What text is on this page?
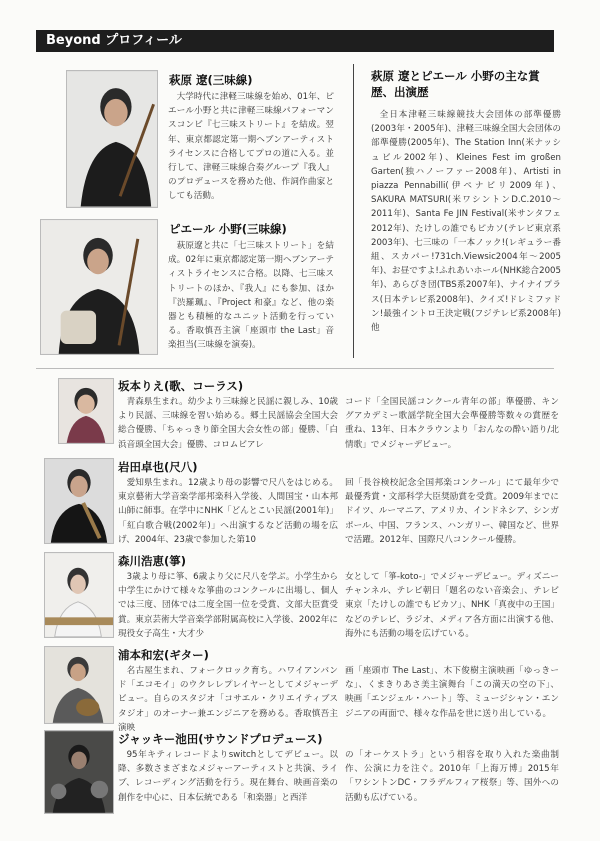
Beyond プロフィール
萩原 遼(三味線)

大学時代に津軽三味線を始め、01年、ピエール小野と共に津軽三味線パフォーマンスコンビ『七三味ストリート』を結成。翌年、東京都認定第一期ヘブンアーティストライセンスに合格してプロの道に入る。並行して、津軽三味線合奏グループ『我人』のプロデュースを務めた他、作詞作曲家としても活動。

ピエール 小野(三味線)

萩原遼と共に「七三味ストリート」を結成。02年に東京都認定第一期ヘブンアーティストライセンスに合格。以降、七三味ストリートのほか、『我人』にも参加、ほか『渋羅珮』、『Project 和豪』など、他の楽器とも積極的なユニット活動を行っている。香取慎吾主演「座頭市 the Last」音楽担当(三味線を演奏)。

萩原 遼とピエール 小野の主な賞歴、出演歴

全日本津軽三味線競技大会団体の部準優勝(2003年・2005年)、津軽三味線全国大会団体の部準優勝(2005年)、The Station Inn(米ナッシュビル2002年)、Kleines Fest im großen Garten(独ハノーファー2008年)、Artisti in piazza Pennabilli(伊ペナビリ2009年)、SAKURA MATSURI(米ワシントンD.C.2010～2011年)、Santa Fe JIN Festival(米サンタフェ2012年)、たけしの誰でもピカソ(テレビ東京系2003年)、七三味の「一本ノック!(レギュラー番組、スカパー!731ch.Viewsic2004年～2005年)、お昼ですよ!ふれあいホール(NHK総合2005年)、あらびき団(TBS系2007年)、ナイナイプラス(日本テレビ系2008年)、クイズ!ドレミファドン!最強イントロ王決定戦(フジテレビ系2008年)他

坂本りえ(歌、コーラス)

青森県生まれ。幼少より三味線と民謡に親しみ、10歳より民謡、三味線を習い始める。郷土民謡協会全国大会総合優勝、「ちゃっきり節全国大会女性の部」優勝、「白浜音頭全国大会」優勝、コロムビアレ

コード「全国民謡コンクール青年の部」準優勝、キングアカデミー歌謡学院全国大会準優勝等数々の賞歴を重ね、13年、日本クラウンより「おんなの酔い語り/北情歌」でメジャーデビュー。

岩田卓也(尺八)

愛知県生まれ。12歳より母の影響で尺八をはじめる。東京藝術大学音楽学部邦楽科入学後、人間国宝・山本邦山師に師事。在学中にNHK「どんとこい民謡(2001年)」「紅白歌合戦(2002年)」へ出演するなど活動の場を広げ、2004年、23歳で参加した第10

回「長谷検校記念全国邦楽コンクール」にて最年少で最優秀賞・文部科学大臣奨励賞を受賞。2009年までにドイツ、ルーマニア、アメリカ、インドネシア、シンガポール、中国、フランス、ハンガリー、韓国など、世界で活躍。2012年、国際尺八コンクール優勝。

森川浩恵(箏)

3歳より母に箏、6歳より父に尺八を学ぶ。小学生から中学生にかけて様々な箏曲のコンクールに出場し、個人では三度、団体では二度全国一位を受賞、文部大臣賞受賞。東京芸術大学音楽学部附属高校に入学後、2002年に現役女子高生・大才少

女として「箏-koto-」でメジャーデビュー。ディズニーチャンネル、テレビ朝日「題名のない音楽会」、テレビ東京「たけしの誰でもピカソ」、NHK「真夜中の王国」などのテレビ、ラジオ、メディア各方面に出演する他、海外にも活動の場を広げている。

浦本和宏(ギター)

名古屋生まれ、フォークロック育ち。ハワイアンバンド「エコモイ」のウクレレプレイヤーとしてメジャーデビュー。自らのスタジオ「コサエル・クリエイティブスタジオ」のオーナー兼エンジニアを務める。香取慎吾主演映

画「座頭市 The Last」、木下俊樹主演映画「ゆっきーな」、くまきりあさ美主演舞台「この満天の空の下」、映画「エンジェル・ハート」等、ミュージシャン・エンジニアの両面で、様々な作品を世に送り出している。

ジャッキー池田(サウンドプロデュース)

95年キティレコードよりswitchとしてデビュー。以降、多数さまざまなメジャーアーティストと共演、ライブ、レコーディング活動を行う。現在舞台、映画音楽の創作を中心に、日本伝統である「和楽器」と西洋

の「オーケストラ」という相容を取り入れた楽曲制作、公演に力を注ぐ。2010年「上海万博」2015年「ワシントンDC・フラデルフィア桜祭」等、国外への活動も広げている。
